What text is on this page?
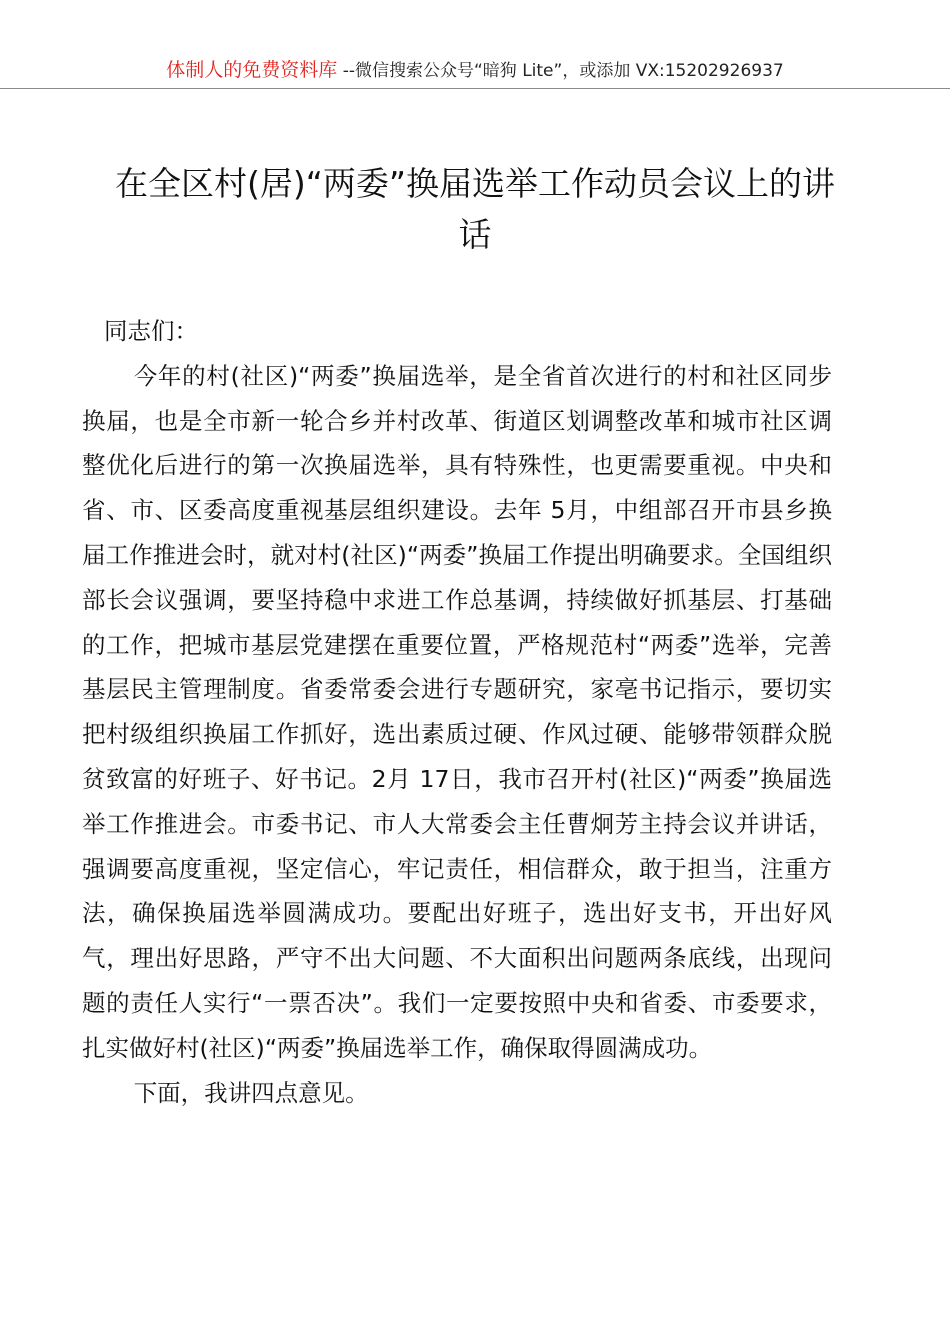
体制人的免费资料库 --微信搜索公众号“暗狗 Lite”，或添加 VX:15202926937
在全区村(居)“两委”换届选举工作动员会议上的讲话

同志们：

今年的村(社区)“两委”换届选举，是全省首次进行的村和社区同步换届，也是全市新一轮合乡并村改革、街道区划调整改革和城市社区调整优化后进行的第一次换届选举，具有特殊性，也更需要重视。中央和省、市、区委高度重视基层组织建设。去年 5月，中组部召开市县乡换届工作推进会时，就对村(社区)“两委”换届工作提出明确要求。全国组织部长会议强调，要坚持稳中求进工作总基调，持续做好抓基层、打基础的工作，把城市基层党建摆在重要位置，严格规范村“两委”选举，完善基层民主管理制度。省委常委会进行专题研究，家亳书记指示，要切实把村级组织换届工作抓好，选出素质过硬、作风过硬、能够带领群众脱贫致富的好班子、好书记。2月 17日，我市召开村(社区)“两委”换届选举工作推进会。市委书记、市人大常委会主任曹炯芳主持会议并讲话，强调要高度重视，坚定信心，牢记责任，相信群众，敢于担当，注重方法，确保换届选举圆满成功。要配出好班子，选出好支书，开出好风气，理出好思路，严守不出大问题、不大面积出问题两条底线，出现问题的责任人实行“一票否决”。我们一定要按照中央和省委、市委要求，扎实做好村(社区)“两委”换届选举工作，确保取得圆满成功。

下面，我讲四点意见。
